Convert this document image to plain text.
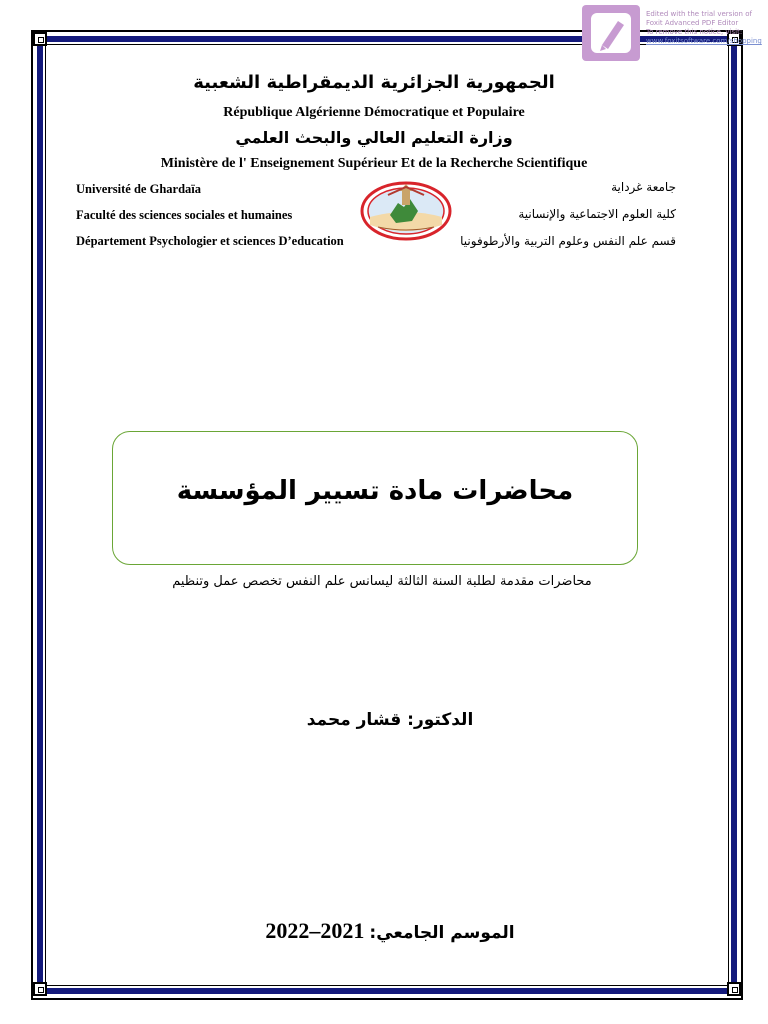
Edited with the trial version of
Foxit Advanced PDF Editor
To remove this notice, visit:
www.foxitsoftware.com/shopping
الجمهورية الجزائرية الديمقراطية الشعبية
République Algérienne Démocratique et Populaire
وزارة التعليم العالي والبحث العلمي
Ministère de l' Enseignement Supérieur Et de la Recherche Scientifique
Université de Ghardaïa
Faculté des sciences sociales et humaines
Département Psychologier et sciences D’education
جامعة غرداية
كلية العلوم الاجتماعية والإنسانية
قسم علم النفس وعلوم التربية والأرطوفونيا
محاضرات مادة تسيير المؤسسة
محاضرات مقدمة لطلبة السنة الثالثة ليسانس علم النفس تخصص عمل وتنظيم
الدكتور: قشار محمد
الموسم الجامعي: 2022–2021
